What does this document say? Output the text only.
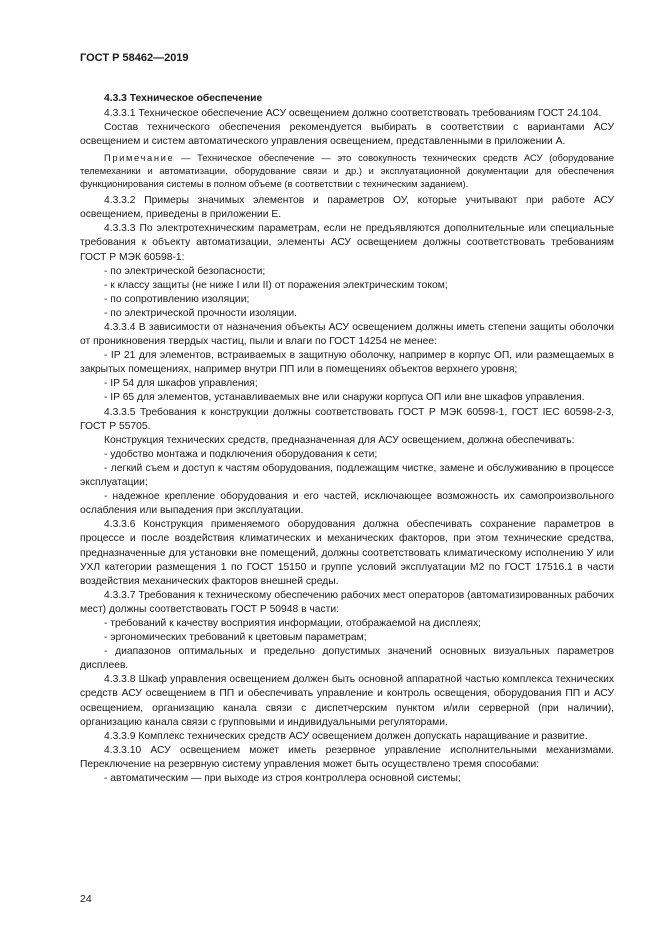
ГОСТ Р 58462—2019

4.3.3 Техническое обеспечение

4.3.3.1 Техническое обеспечение АСУ освещением должно соответствовать требованиям ГОСТ 24.104.

Состав технического обеспечения рекомендуется выбирать в соответствии с вариантами АСУ освещением и систем автоматического управления освещением, представленными в приложении А.

Примечание — Техническое обеспечение — это совокупность технических средств АСУ (оборудование телемеханики и автоматизации, оборудование связи и др.) и эксплуатационной документации для обеспечения функционирования системы в полном объеме (в соответствии с техническим заданием).

4.3.3.2 Примеры значимых элементов и параметров ОУ, которые учитывают при работе АСУ освещением, приведены в приложении Е.

4.3.3.3 По электротехническим параметрам, если не предъявляются дополнительные или специальные требования к объекту автоматизации, элементы АСУ освещением должны соответствовать требованиям ГОСТ Р МЭК 60598-1:

- по электрической безопасности;

- к классу защиты (не ниже I или II) от поражения электрическим током;

- по сопротивлению изоляции;

- по электрической прочности изоляции.

4.3.3.4 В зависимости от назначения объекты АСУ освещением должны иметь степени защиты оболочки от проникновения твердых частиц, пыли и влаги по ГОСТ 14254 не менее:

- IP 21 для элементов, встраиваемых в защитную оболочку, например в корпус ОП, или размещаемых в закрытых помещениях, например внутри ПП или в помещениях объектов верхнего уровня;

- IP 54 для шкафов управления;

- IP 65 для элементов, устанавливаемых вне или снаружи корпуса ОП или вне шкафов управления.

4.3.3.5 Требования к конструкции должны соответствовать ГОСТ Р МЭК 60598-1, ГОСТ IEC 60598-2-3, ГОСТ Р 55705.

Конструкция технических средств, предназначенная для АСУ освещением, должна обеспечивать:

- удобство монтажа и подключения оборудования к сети;

- легкий съем и доступ к частям оборудования, подлежащим чистке, замене и обслуживанию в процессе эксплуатации;

- надежное крепление оборудования и его частей, исключающее возможность их самопроизвольного ослабления или выпадения при эксплуатации.

4.3.3.6 Конструкция применяемого оборудования должна обеспечивать сохранение параметров в процессе и после воздействия климатических и механических факторов, при этом технические средства, предназначенные для установки вне помещений, должны соответствовать климатическому исполнению У или УХЛ категории размещения 1 по ГОСТ 15150 и группе условий эксплуатации М2 по ГОСТ 17516.1 в части воздействия механических факторов внешней среды.

4.3.3.7 Требования к техническому обеспечению рабочих мест операторов (автоматизированных рабочих мест) должны соответствовать ГОСТ Р 50948 в части:

- требований к качеству восприятия информации, отображаемой на дисплеях;

- эргономических требований к цветовым параметрам;

- диапазонов оптимальных и предельно допустимых значений основных визуальных параметров дисплеев.

4.3.3.8 Шкаф управления освещением должен быть основной аппаратной частью комплекса технических средств АСУ освещением в ПП и обеспечивать управление и контроль освещения, оборудования ПП и АСУ освещением, организацию канала связи с диспетчерским пунктом и/или серверной (при наличии), организацию канала связи с групповыми и индивидуальными регуляторами.

4.3.3.9 Комплекс технических средств АСУ освещением должен допускать наращивание и развитие.

4.3.3.10 АСУ освещением может иметь резервное управление исполнительными механизмами. Переключение на резервную систему управления может быть осуществлено тремя способами:

- автоматическим — при выходе из строя контроллера основной системы;

24
